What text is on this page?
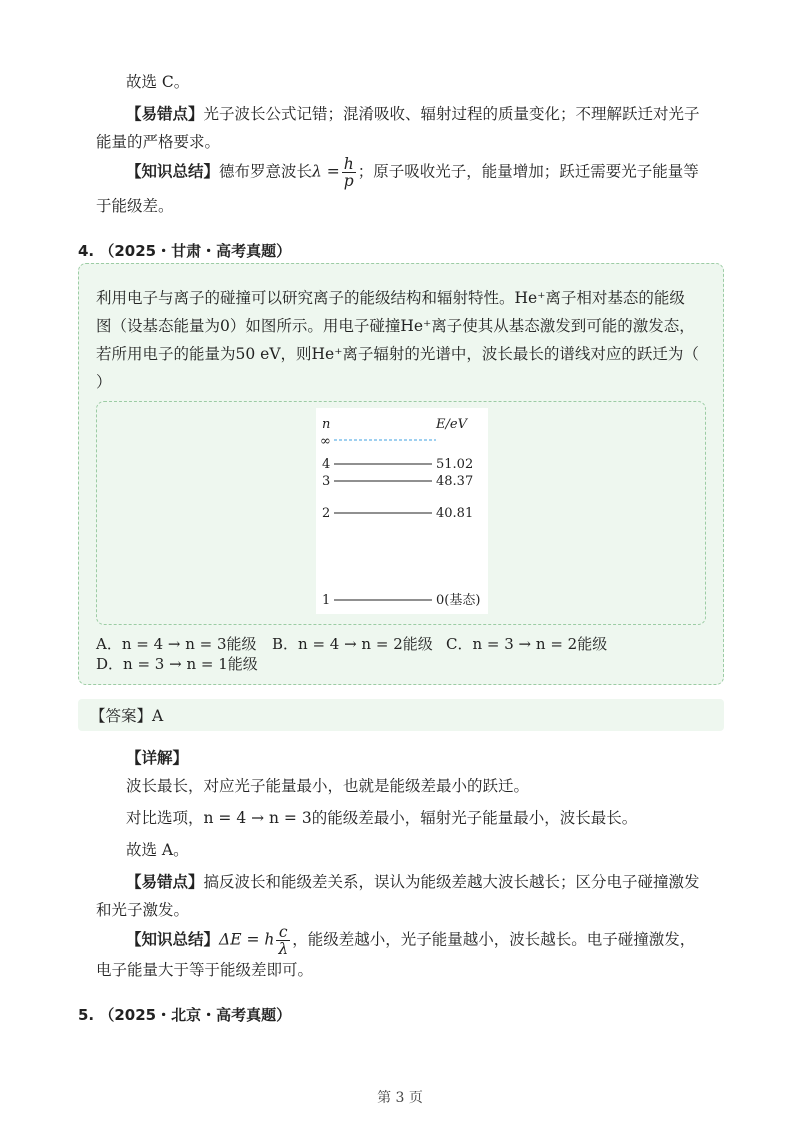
故选 C。
【易错点】光子波长公式记错；混淆吸收、辐射过程的质量变化；不理解跃迁对光子
能量的严格要求。
【知识总结】德布罗意波长$\lambda = \frac{h}{p}$ ；原子吸收光子，能量增加；跃迁需要光子能量等
于能级差。
4. （2025・甘肃・高考真题）
利用电子与离子的碰撞可以研究离子的能级结构和辐射特性。He⁺离子相对基态的能级
图（设基态能量为0）如图所示。用电子碰撞He⁺离子使其从基态激发到可能的激发态，
若所用电子的能量为50 eV，则He⁺离子辐射的光谱中，波长最长的谱线对应的跃迁为（
）
n	E/eV
∞
4	51.02
3	48.37
2	40.81
1	0(基态)
A．n = 4 → n = 3能级 B．n = 4 → n = 2能级 C．n = 3 → n = 2能级
D．n = 3 → n = 1能级
【答案】A
【详解】
波长最长，对应光子能量最小，也就是能级差最小的跃迁。
对比选项，n = 4 → n = 3的能级差最小，辐射光子能量最小，波长最长。
故选 A。
【易错点】搞反波长和能级差关系，误认为能级差越大波长越长；区分电子碰撞激发
和光子激发。
【知识总结】ΔE = h $\frac{c}{\lambda}$ ，能级差越小，光子能量越小，波长越长。电子碰撞激发，
电子能量大于等于能级差即可。
5. （2025・北京・高考真题）
第 3 页
